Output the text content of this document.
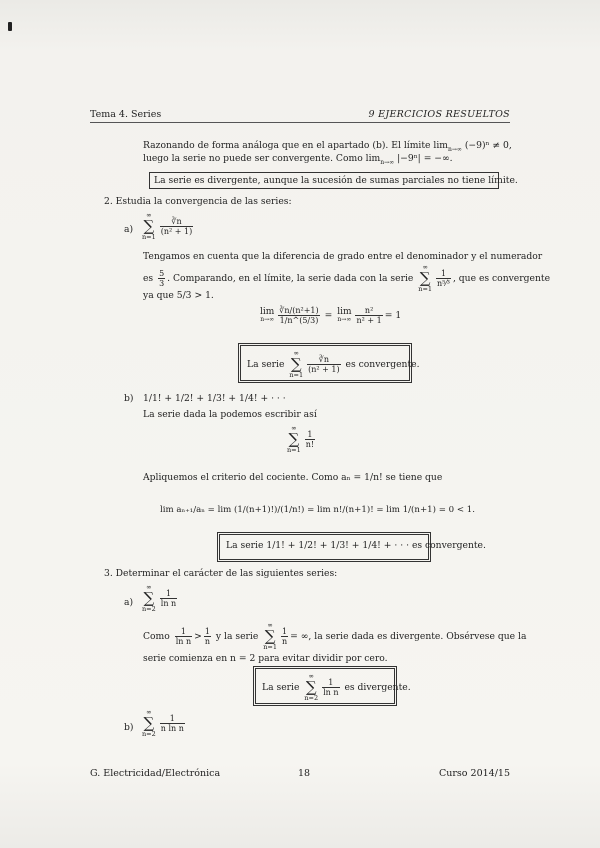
Tema 4. Series	9 EJERCICIOS RESUELTOS
Razonando de forma análoga que en el apartado (b). El límite $\lim_{n\to\infty} (-9)^n \ne 0$,
luego la serie no puede ser convergente. Como $\lim_{n\to\infty} |-9^n|$ = −∞.
La serie es divergente, aunque la sucesión de sumas parciales no tiene límite.
2. Estudia la convergencia de las series:
a)
∞
∑
n=1
$\frac{∛n}{\text{(n² + 1)}}$
Tengamos en cuenta que la diferencia de grado entre el denominador y el numerador
es $\frac{5}{3}$ . Comparando, en el límite, la serie dada con la serie
∞
∑
n=1
$\frac{1}{\text{n⁵⁄³}}$ , que es convergente
ya que 5/3 > 1.
lim
$n\to\infty \frac{\text{∛n/(n²+1)}}{1/n\^{}(5/3)} = \lim$
$n\to\infty \frac{\text{n²}}{\text{n² + 1}} = 1$
La serie
∞
∑
n=1
$\frac{∛n}{\text{(n² + 1)}}$ es convergente.
b) 1/1! + 1/2! + 1/3! + 1/4! + · · ·
La serie dada la podemos escribir así
∞
∑
n=1
$\frac{1}{n!}$
Apliquemos el criterio del cociente. Como aₙ = 1/n! se tiene que
lim aₙ₊₁/aₙ = lim (1/(n+1)!)/(1/n!) = lim n!/(n+1)! = lim 1/(n+1) = 0 < 1.
La serie 1/1! + 1/2! + 1/3! + 1/4! + · · · es convergente.
3. Determinar el carácter de las siguientes series:
a)
∞
∑
n=2
$\frac{1}{\text{ln n}}$
Como $\frac{1}{\text{ln n}} > \frac{1}{n}$ y la serie
∞
∑
n=1
$\frac{1}{n}$ = ∞, la serie dada es divergente. Obsérvese que la
serie comienza en n = 2 para evitar dividir por cero.
La serie
∞
∑
n=2
$\frac{1}{\text{ln n}}$ es divergente.
b)
∞
∑
n=2
$\frac{1}{\text{n ln n}}$
G. Electricidad/Electrónica	18	Curso 2014/15
